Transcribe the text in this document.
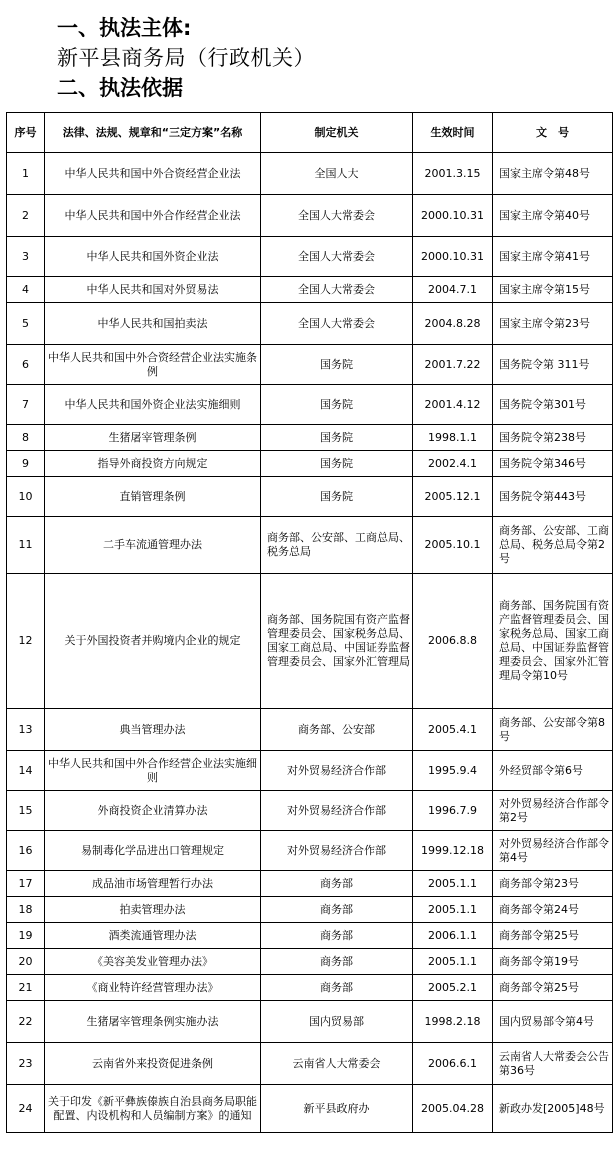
一、执法主体:
新平县商务局（行政机关）
二、执法依据
序号	法律、法规、规章和“三定方案”名称	制定机关	生效时间	文　号
1	中华人民共和国中外合资经营企业法	全国人大	2001.3.15	国家主席令第48号
2	中华人民共和国中外合作经营企业法	全国人大常委会	2000.10.31	国家主席令第40号
3	中华人民共和国外资企业法	全国人大常委会	2000.10.31	国家主席令第41号
4	中华人民共和国对外贸易法	全国人大常委会	2004.7.1	国家主席令第15号
5	中华人民共和国拍卖法	全国人大常委会	2004.8.28	国家主席令第23号
6	中华人民共和国中外合资经营企业法实施条例	国务院	2001.7.22	国务院令第 311号
7	中华人民共和国外资企业法实施细则	国务院	2001.4.12	国务院令第301号
8	生猪屠宰管理条例	国务院	1998.1.1	国务院令第238号
9	指导外商投资方向规定	国务院	2002.4.1	国务院令第346号
10	直销管理条例	国务院	2005.12.1	国务院令第443号
11	二手车流通管理办法	商务部、公安部、工商总局、税务总局	2005.10.1	商务部、公安部、工商总局、税务总局令第2号
12	关于外国投资者并购境内企业的规定	商务部、国务院国有资产监督管理委员会、国家税务总局、国家工商总局、中国证券监督管理委员会、国家外汇管理局	2006.8.8	商务部、国务院国有资产监督管理委员会、国家税务总局、国家工商总局、中国证券监督管理委员会、国家外汇管理局令第10号
13	典当管理办法	商务部、公安部	2005.4.1	商务部、公安部令第8号
14	中华人民共和国中外合作经营企业法实施细则	对外贸易经济合作部	1995.9.4	外经贸部令第6号
15	外商投资企业清算办法	对外贸易经济合作部	1996.7.9	对外贸易经济合作部令第2号
16	易制毒化学品进出口管理规定	对外贸易经济合作部	1999.12.18	对外贸易经济合作部令第4号
17	成品油市场管理暂行办法	商务部	2005.1.1	商务部令第23号
18	拍卖管理办法	商务部	2005.1.1	商务部令第24号
19	酒类流通管理办法	商务部	2006.1.1	商务部令第25号
20	《美容美发业管理办法》	商务部	2005.1.1	商务部令第19号
21	《商业特许经营管理办法》	商务部	2005.2.1	商务部令第25号
22	生猪屠宰管理条例实施办法	国内贸易部	1998.2.18	国内贸易部令第4号
23	云南省外来投资促进条例	云南省人大常委会	2006.6.1	云南省人大常委会公告第36号
24	关于印发《新平彝族傣族自治县商务局职能配置、内设机构和人员编制方案》的通知	新平县政府办	2005.04.28	新政办发[2005]48号
